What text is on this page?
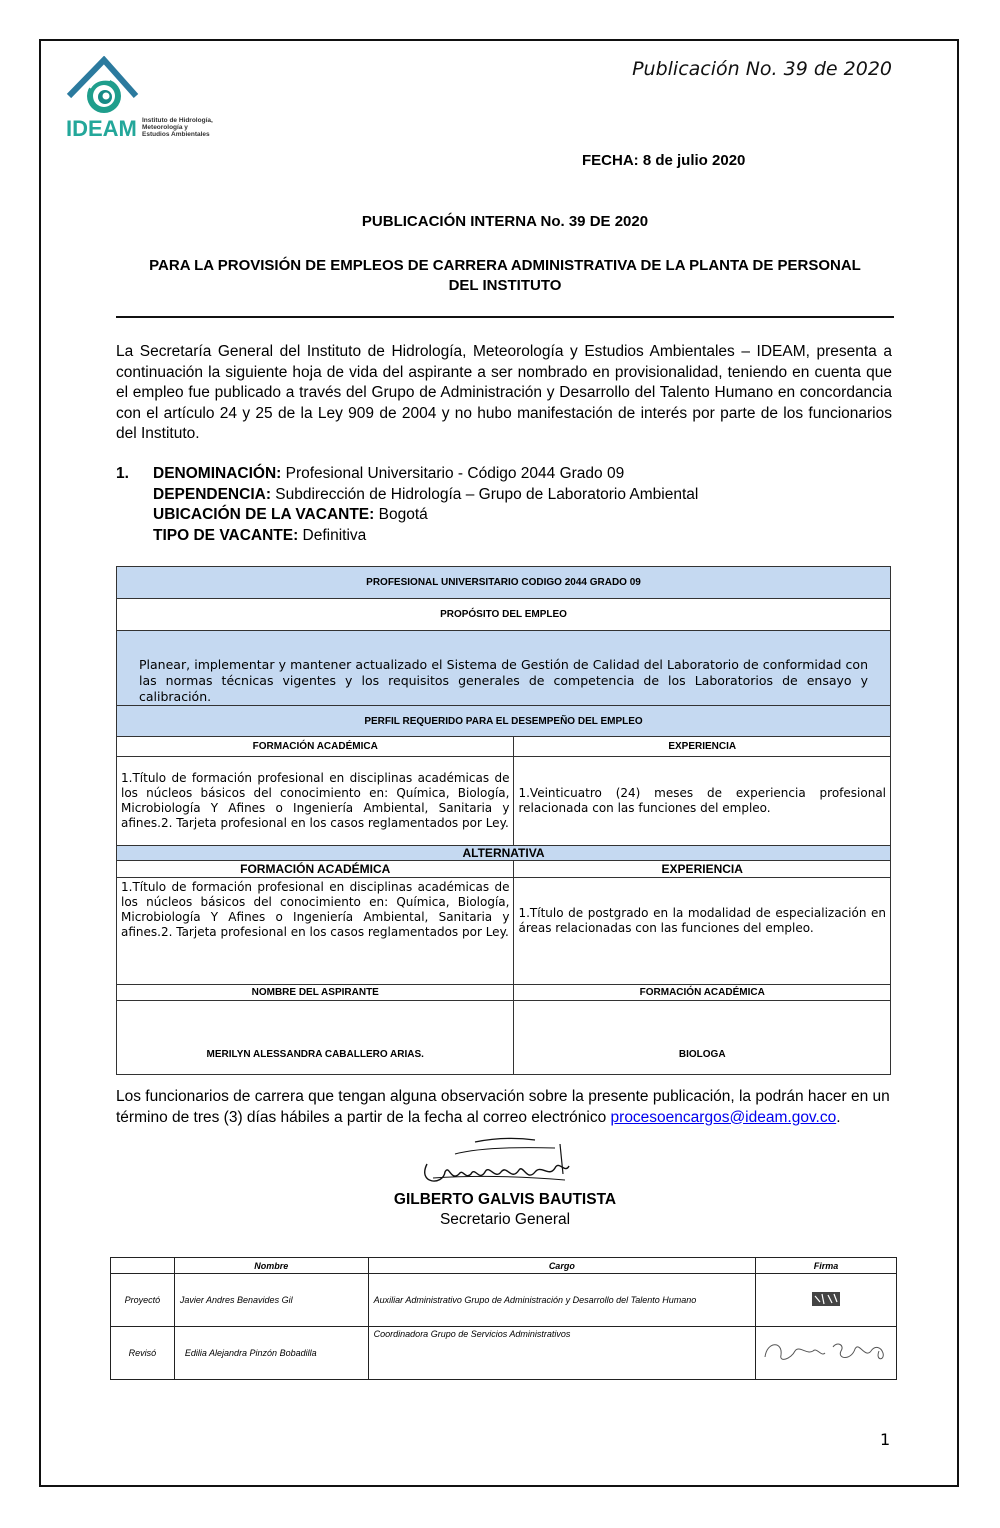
IDEAM Instituto de Hidrología,
Meteorología y
Estudios Ambientales
Publicación No. 39 de 2020
FECHA: 8 de julio 2020
PUBLICACIÓN INTERNA No. 39 DE 2020
PARA LA PROVISIÓN DE EMPLEOS DE CARRERA ADMINISTRATIVA DE LA PLANTA DE PERSONAL DEL INSTITUTO
La Secretaría General del Instituto de Hidrología, Meteorología y Estudios Ambientales – IDEAM, presenta a continuación la siguiente hoja de vida del aspirante a ser nombrado en provisionalidad, teniendo en cuenta que el empleo fue publicado a través del Grupo de Administración y Desarrollo del Talento Humano en concordancia con el artículo 24 y 25 de la Ley 909 de 2004 y no hubo manifestación de interés por parte de los funcionarios del Instituto.
1. DENOMINACIÓN: Profesional Universitario - Código 2044 Grado 09
DEPENDENCIA: Subdirección de Hidrología – Grupo de Laboratorio Ambiental
UBICACIÓN DE LA VACANTE: Bogotá
TIPO DE VACANTE: Definitiva
PROFESIONAL UNIVERSITARIO CODIGO 2044 GRADO 09	
PROPÓSITO DEL EMPLEO	
Planear, implementar y mantener actualizado el Sistema de Gestión de Calidad del Laboratorio de conformidad con las normas técnicas vigentes y los requisitos generales de competencia de los Laboratorios de ensayo y calibración.	
PERFIL REQUERIDO PARA EL DESEMPEÑO DEL EMPLEO	
FORMACIÓN ACADÉMICA	EXPERIENCIA
1.Título de formación profesional en disciplinas académicas de los núcleos básicos del conocimiento en: Química, Biología, Microbiología Y Afines o Ingeniería Ambiental, Sanitaria y afines.2. Tarjeta profesional en los casos reglamentados por Ley.	1.Veinticuatro (24) meses de experiencia profesional relacionada con las funciones del empleo.
ALTERNATIVA	
FORMACIÓN ACADÉMICA	EXPERIENCIA
1.Título de formación profesional en disciplinas académicas de los núcleos básicos del conocimiento en: Química, Biología, Microbiología Y Afines o Ingeniería Ambiental, Sanitaria y afines.2. Tarjeta profesional en los casos reglamentados por Ley.	1.Título de postgrado en la modalidad de especialización en áreas relacionadas con las funciones del empleo.
NOMBRE DEL ASPIRANTE	FORMACIÓN ACADÉMICA
MERILYN ALESSANDRA CABALLERO ARIAS.	BIOLOGA
Los funcionarios de carrera que tengan alguna observación sobre la presente publicación, la podrán hacer en un término de tres (3) días hábiles a partir de la fecha al correo electrónico procesoencargos@ideam.gov.co.
GILBERTO GALVIS BAUTISTA
Secretario General
	Nombre	Cargo	Firma
Proyectó	Javier Andres Benavides Gil	Auxiliar Administrativo Grupo de Administración y Desarrollo del Talento Humano	
Revisó	Edilia Alejandra Pinzón Bobadilla	Coordinadora Grupo de Servicios Administrativos	
1
